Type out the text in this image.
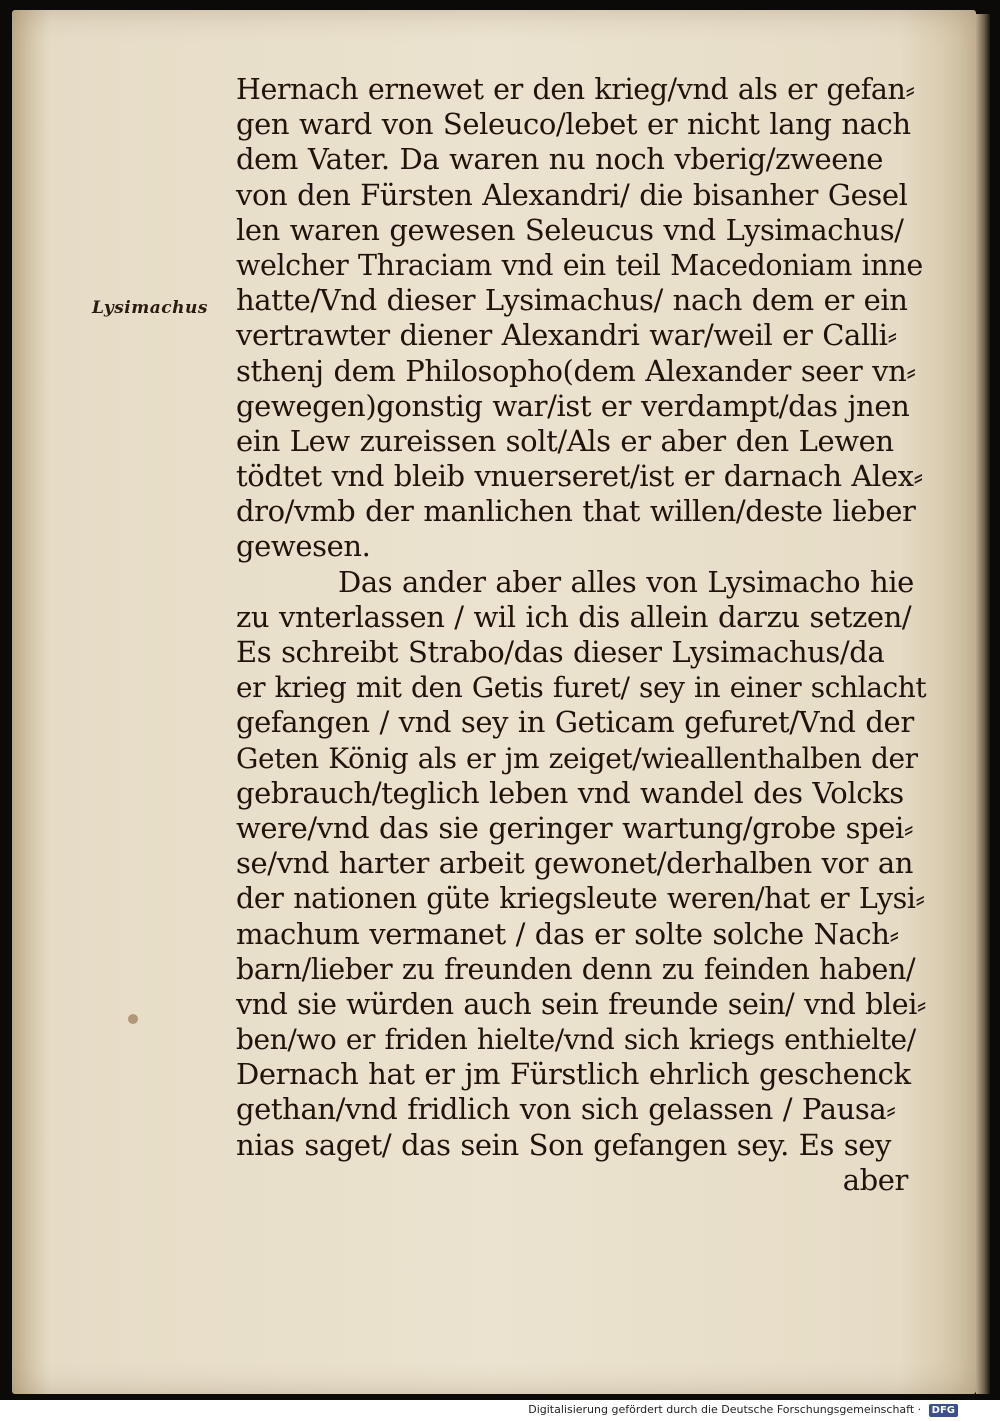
Lysimachus
Hernach ernewet er den krieg/vnd als er gefan⸗
gen ward von Seleuco/lebet er nicht lang nach
dem Vater. Da waren nu noch vberig/zweene
von den Fürsten Alexandri/ die bisanher Gesel
len waren gewesen Seleucus vnd Lysimachus/
welcher Thraciam vnd ein teil Macedoniam inne
hatte/Vnd dieser Lysimachus/ nach dem er ein
vertrawter diener Alexandri war/weil er Calli⸗
sthenj dem Philosopho(dem Alexander seer vn⸗
gewegen)gonstig war/ist er verdampt/das jnen
ein Lew zureissen solt/Als er aber den Lewen
tödtet vnd bleib vnuerseret/ist er darnach Alex⸗
dro/vmb der manlichen that willen/deste lieber
gewesen.
Das ander aber alles von Lysimacho hie
zu vnterlassen / wil ich dis allein darzu setzen/
Es schreibt Strabo/das dieser Lysimachus/da
er krieg mit den Getis furet/ sey in einer schlacht
gefangen / vnd sey in Geticam gefuret/Vnd der
Geten König als er jm zeiget/wieallenthalben der
gebrauch/teglich leben vnd wandel des Volcks
were/vnd das sie geringer wartung/grobe spei⸗
se/vnd harter arbeit gewonet/derhalben vor an
der nationen güte kriegsleute weren/hat er Lysi⸗
machum vermanet / das er solte solche Nach⸗
barn/lieber zu freunden denn zu feinden haben/
vnd sie würden auch sein freunde sein/ vnd blei⸗
ben/wo er friden hielte/vnd sich kriegs enthielte/
Dernach hat er jm Fürstlich ehrlich geschenck
gethan/vnd fridlich von sich gelassen / Pausa⸗
nias saget/ das sein Son gefangen sey. Es sey
aber
Digitalisierung gefördert durch die Deutsche Forschungsgemeinschaft · DFG
